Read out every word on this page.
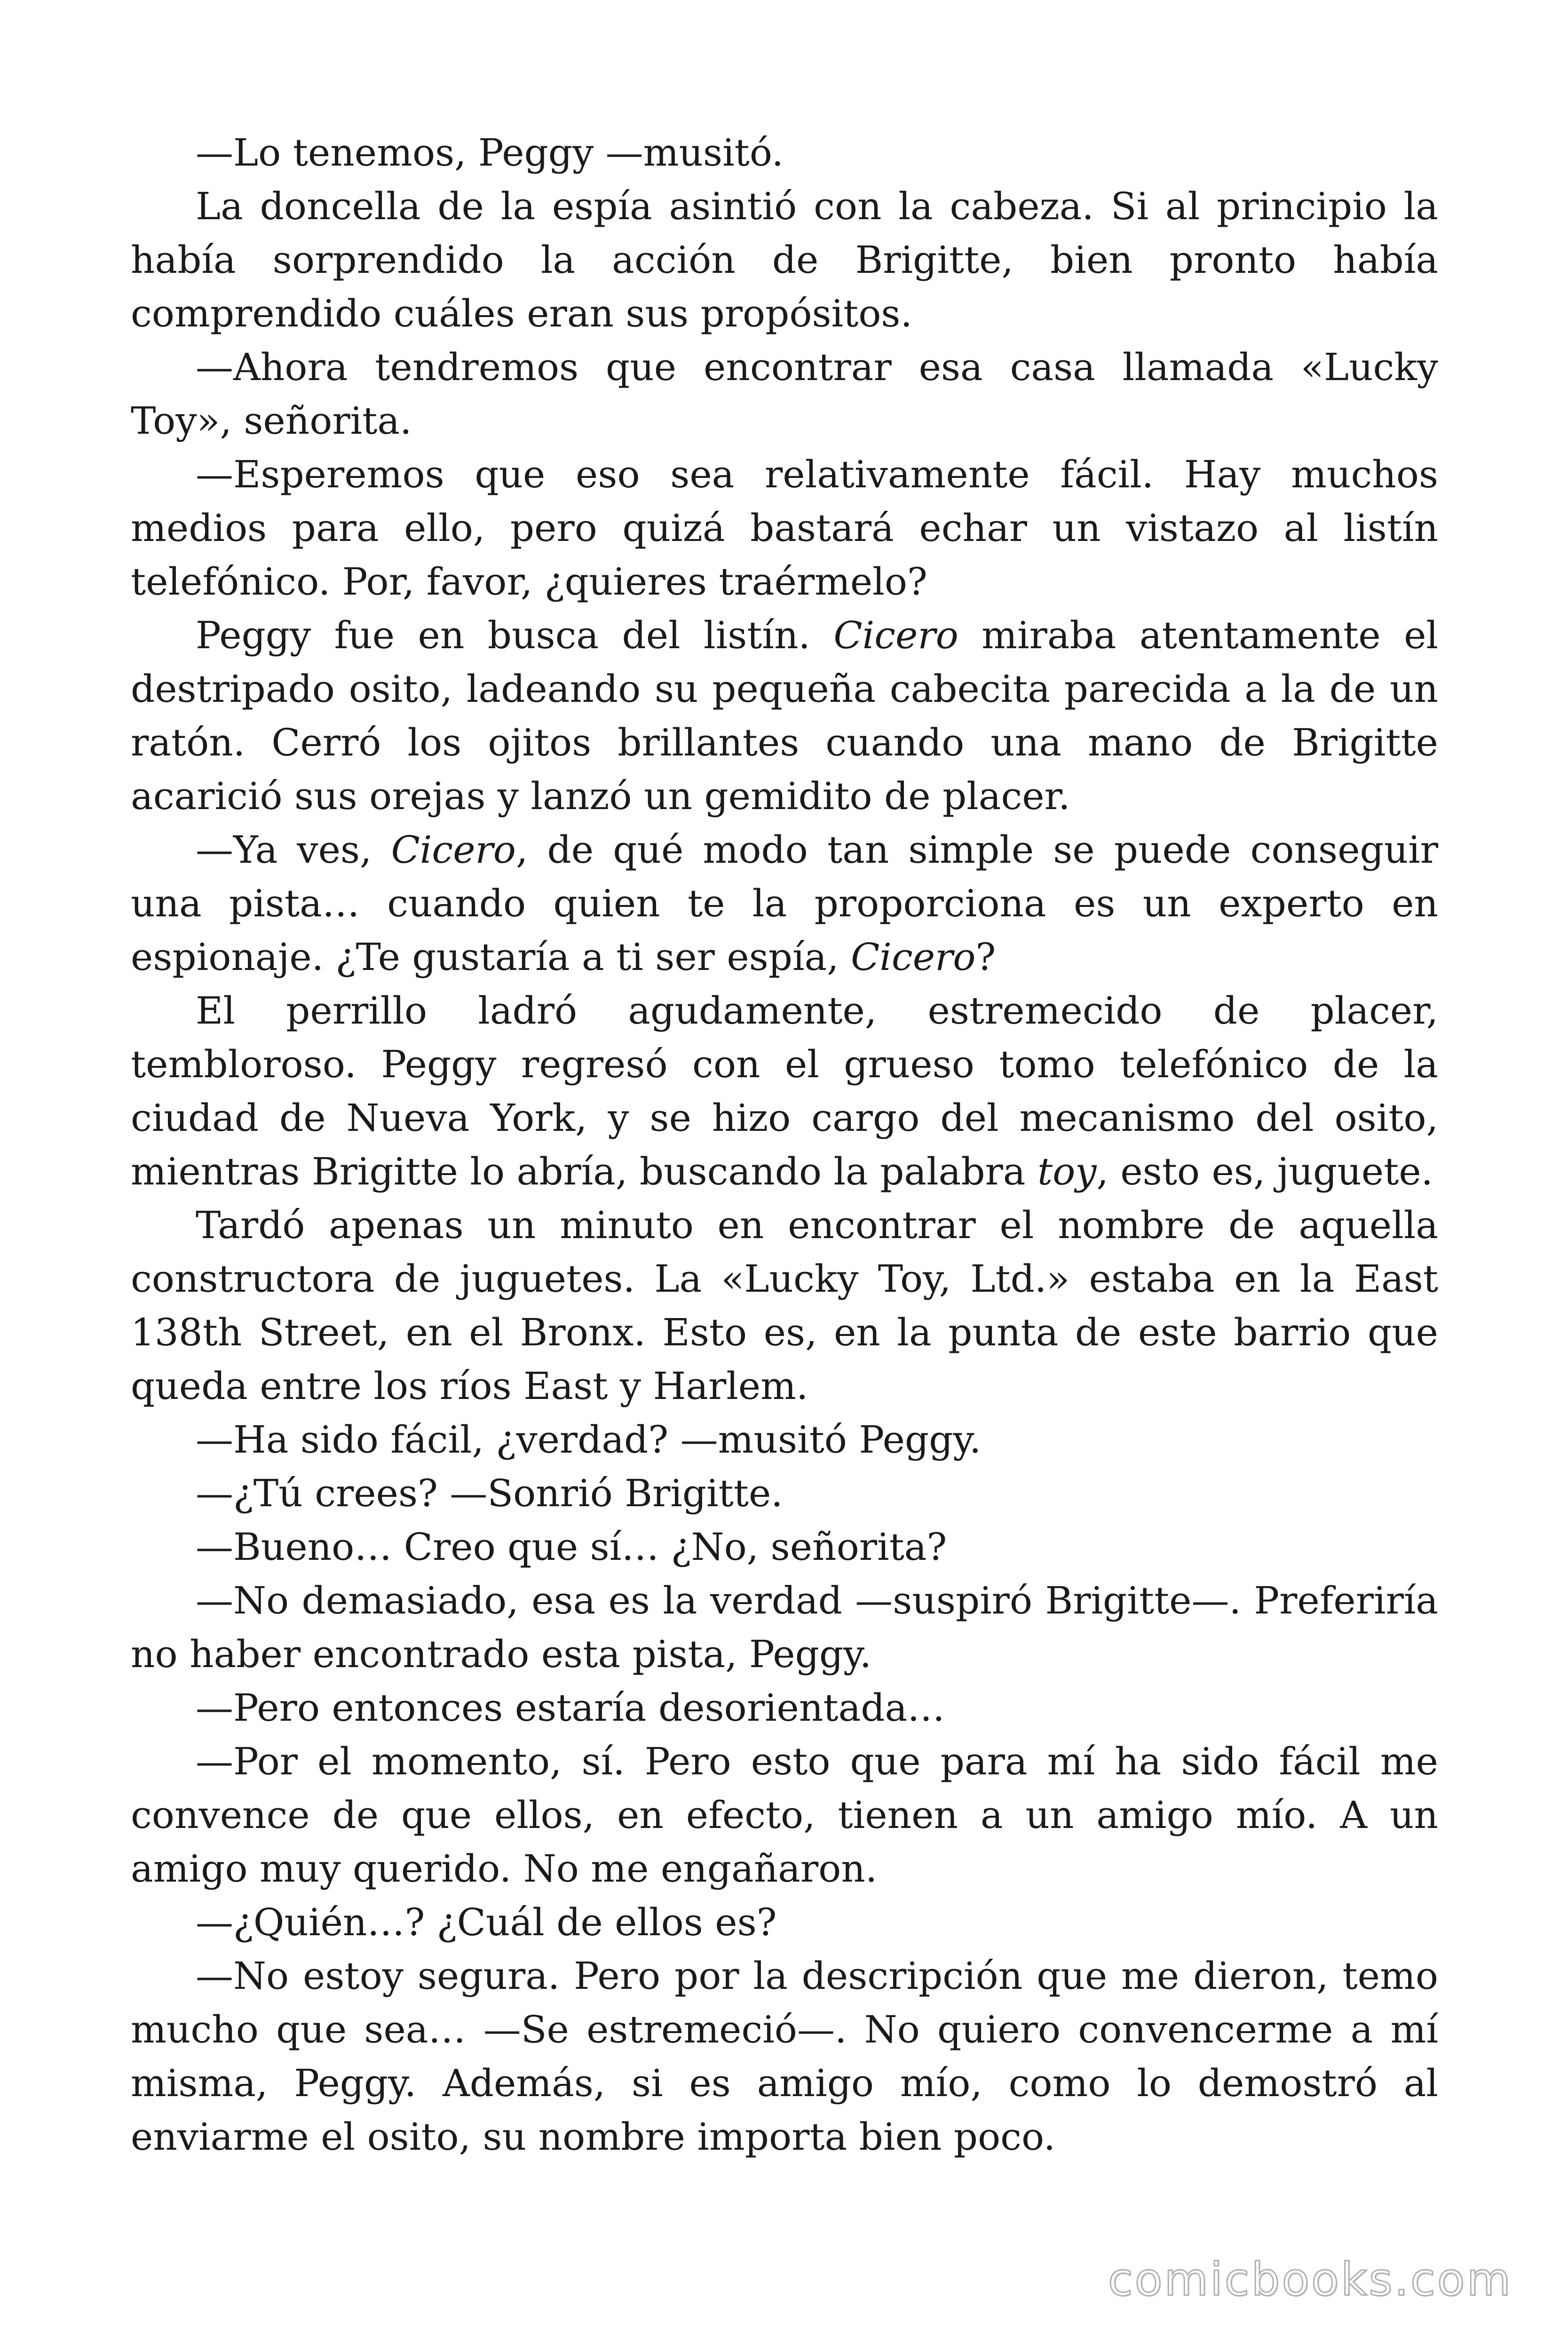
—Lo tenemos, Peggy —musitó.

La doncella de la espía asintió con la cabeza. Si al principio la había sorprendido la acción de Brigitte, bien pronto había comprendido cuáles eran sus propósitos.

—Ahora tendremos que encontrar esa casa llamada «Lucky Toy», señorita.

—Esperemos que eso sea relativamente fácil. Hay muchos medios para ello, pero quizá bastará echar un vistazo al listín telefónico. Por, favor, ¿quieres traérmelo?

Peggy fue en busca del listín. Cicero miraba atentamente el destripado osito, ladeando su pequeña cabecita parecida a la de un ratón. Cerró los ojitos brillantes cuando una mano de Brigitte acarició sus orejas y lanzó un gemidito de placer.

—Ya ves, Cicero, de qué modo tan simple se puede conseguir una pista… cuando quien te la proporciona es un experto en espionaje. ¿Te gustaría a ti ser espía, Cicero?

El perrillo ladró agudamente, estremecido de placer, tembloroso. Peggy regresó con el grueso tomo telefónico de la ciudad de Nueva York, y se hizo cargo del mecanismo del osito, mientras Brigitte lo abría, buscando la palabra toy, esto es, juguete.

Tardó apenas un minuto en encontrar el nombre de aquella constructora de juguetes. La «Lucky Toy, Ltd.» estaba en la East 138th Street, en el Bronx. Esto es, en la punta de este barrio que queda entre los ríos East y Harlem.

—Ha sido fácil, ¿verdad? —musitó Peggy.

—¿Tú crees? —Sonrió Brigitte.

—Bueno… Creo que sí… ¿No, señorita?

—No demasiado, esa es la verdad —suspiró Brigitte—. Preferiría no haber encontrado esta pista, Peggy.

—Pero entonces estaría desorientada…

—Por el momento, sí. Pero esto que para mí ha sido fácil me convence de que ellos, en efecto, tienen a un amigo mío. A un amigo muy querido. No me engañaron.

—¿Quién…? ¿Cuál de ellos es?

—No estoy segura. Pero por la descripción que me dieron, temo mucho que sea… —Se estremeció—. No quiero convencerme a mí misma, Peggy. Además, si es amigo mío, como lo demostró al enviarme el osito, su nombre importa bien poco.

comicbooks.com
